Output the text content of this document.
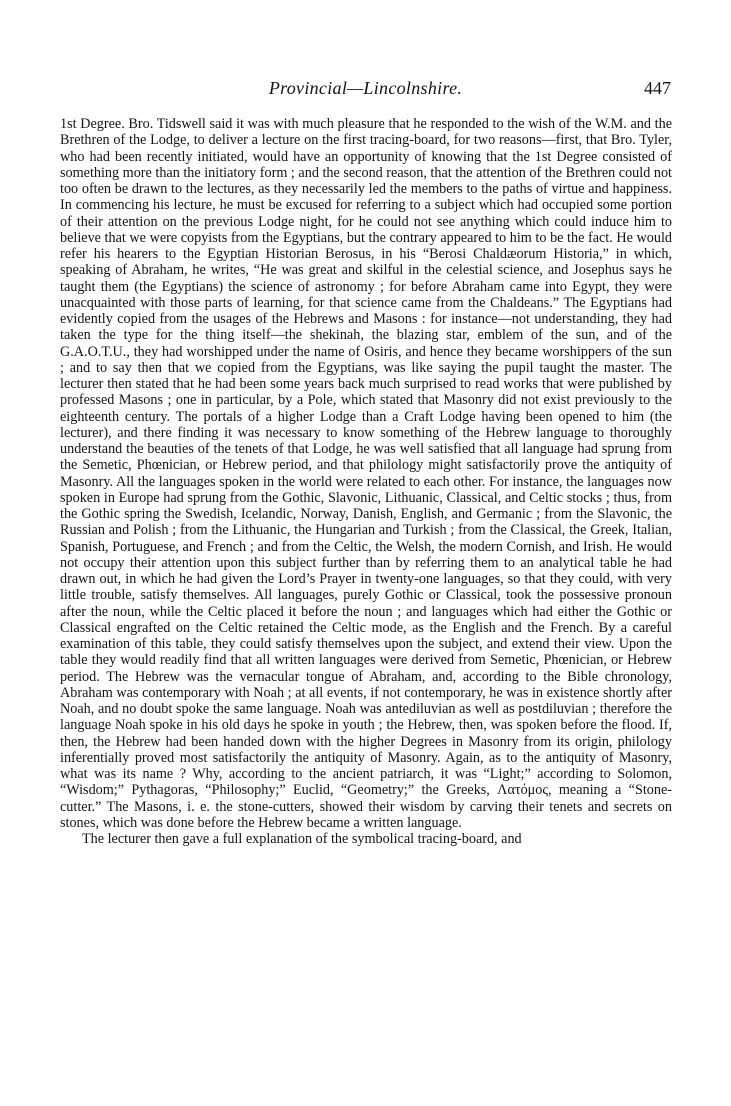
Provincial—Lincolnshire.	447

1st Degree. Bro. Tidswell said it was with much pleasure that he responded to the wish of the W.M. and the Brethren of the Lodge, to deliver a lecture on the first tracing-board, for two reasons—first, that Bro. Tyler, who had been recently initiated, would have an opportunity of knowing that the 1st Degree consisted of something more than the initiatory form ; and the second reason, that the attention of the Brethren could not too often be drawn to the lectures, as they necessarily led the members to the paths of virtue and happiness. In commencing his lecture, he must be excused for referring to a subject which had occupied some portion of their attention on the previous Lodge night, for he could not see anything which could induce him to believe that we were copyists from the Egyptians, but the contrary appeared to him to be the fact. He would refer his hearers to the Egyptian Historian Berosus, in his “Berosi Chaldæorum Historia,” in which, speaking of Abraham, he writes, “He was great and skilful in the celestial science, and Josephus says he taught them (the Egyptians) the science of astronomy ; for before Abraham came into Egypt, they were unacquainted with those parts of learning, for that science came from the Chaldeans.” The Egyptians had evidently copied from the usages of the Hebrews and Masons : for instance—not understanding, they had taken the type for the thing itself—the shekinah, the blazing star, emblem of the sun, and of the G.A.O.T.U., they had worshipped under the name of Osiris, and hence they became worshippers of the sun ; and to say then that we copied from the Egyptians, was like saying the pupil taught the master. The lecturer then stated that he had been some years back much surprised to read works that were published by professed Masons ; one in particular, by a Pole, which stated that Masonry did not exist previously to the eighteenth century. The portals of a higher Lodge than a Craft Lodge having been opened to him (the lecturer), and there finding it was necessary to know something of the Hebrew language to thoroughly understand the beauties of the tenets of that Lodge, he was well satisfied that all language had sprung from the Semetic, Phœnician, or Hebrew period, and that philology might satisfactorily prove the antiquity of Masonry. All the languages spoken in the world were related to each other. For instance, the languages now spoken in Europe had sprung from the Gothic, Slavonic, Lithuanic, Classical, and Celtic stocks ; thus, from the Gothic spring the Swedish, Icelandic, Norway, Danish, English, and Germanic ; from the Slavonic, the Russian and Polish ; from the Lithuanic, the Hungarian and Turkish ; from the Classical, the Greek, Italian, Spanish, Portuguese, and French ; and from the Celtic, the Welsh, the modern Cornish, and Irish. He would not occupy their attention upon this subject further than by referring them to an analytical table he had drawn out, in which he had given the Lord’s Prayer in twenty-one languages, so that they could, with very little trouble, satisfy themselves. All languages, purely Gothic or Classical, took the possessive pronoun after the noun, while the Celtic placed it before the noun ; and languages which had either the Gothic or Classical engrafted on the Celtic retained the Celtic mode, as the English and the French. By a careful examination of this table, they could satisfy themselves upon the subject, and extend their view. Upon the table they would readily find that all written languages were derived from Semetic, Phœnician, or Hebrew period. The Hebrew was the vernacular tongue of Abraham, and, according to the Bible chronology, Abraham was contemporary with Noah ; at all events, if not contemporary, he was in existence shortly after Noah, and no doubt spoke the same language. Noah was antediluvian as well as postdiluvian ; therefore the language Noah spoke in his old days he spoke in youth ; the Hebrew, then, was spoken before the flood. If, then, the Hebrew had been handed down with the higher Degrees in Masonry from its origin, philology inferentially proved most satisfactorily the antiquity of Masonry. Again, as to the antiquity of Masonry, what was its name ? Why, according to the ancient patriarch, it was “Light;” according to Solomon, “Wisdom;” Pythagoras, “Philosophy;” Euclid, “Geometry;” the Greeks, Λατόμος, meaning a “Stone-cutter.” The Masons, i. e. the stone-cutters, showed their wisdom by carving their tenets and secrets on stones, which was done before the Hebrew became a written language.

The lecturer then gave a full explanation of the symbolical tracing-board, and
